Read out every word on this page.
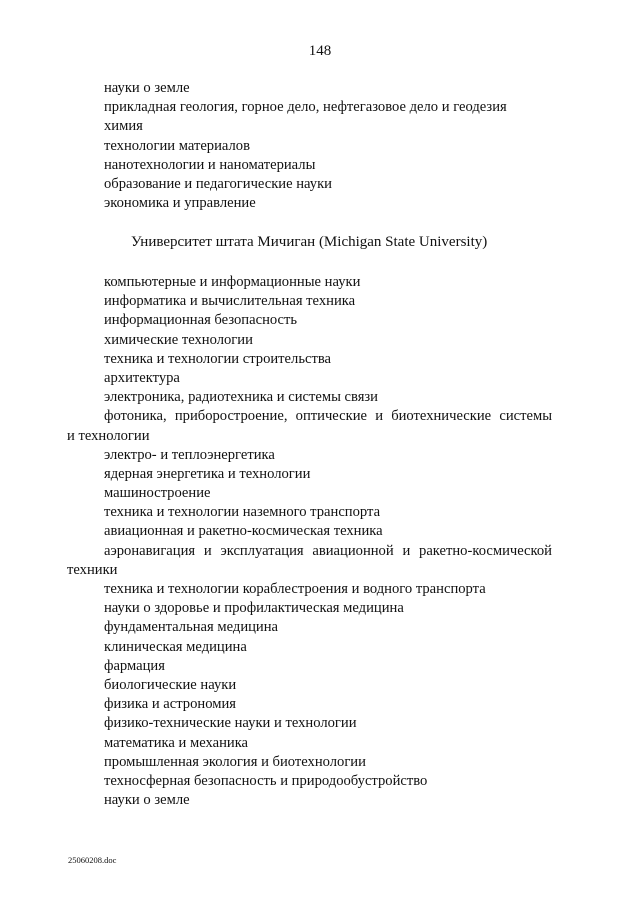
148
науки о земле
прикладная геология, горное дело, нефтегазовое дело и геодезия
химия
технологии материалов
нанотехнологии и наноматериалы
образование и педагогические науки
экономика и управление
Университет штата Мичиган (Michigan State University)
компьютерные и информационные науки
информатика и вычислительная техника
информационная безопасность
химические технологии
техника и технологии строительства
архитектура
электроника, радиотехника и системы связи
фотоника, приборостроение, оптические и биотехнические системы
и технологии
электро- и теплоэнергетика
ядерная энергетика и технологии
машиностроение
техника и технологии наземного транспорта
авиационная и ракетно-космическая техника
аэронавигация и эксплуатация авиационной и ракетно-космической
техники
техника и технологии кораблестроения и водного транспорта
науки о здоровье и профилактическая медицина
фундаментальная медицина
клиническая медицина
фармация
биологические науки
физика и астрономия
физико-технические науки и технологии
математика и механика
промышленная экология и биотехнологии
техносферная безопасность и природообустройство
науки о земле
25060208.doc
